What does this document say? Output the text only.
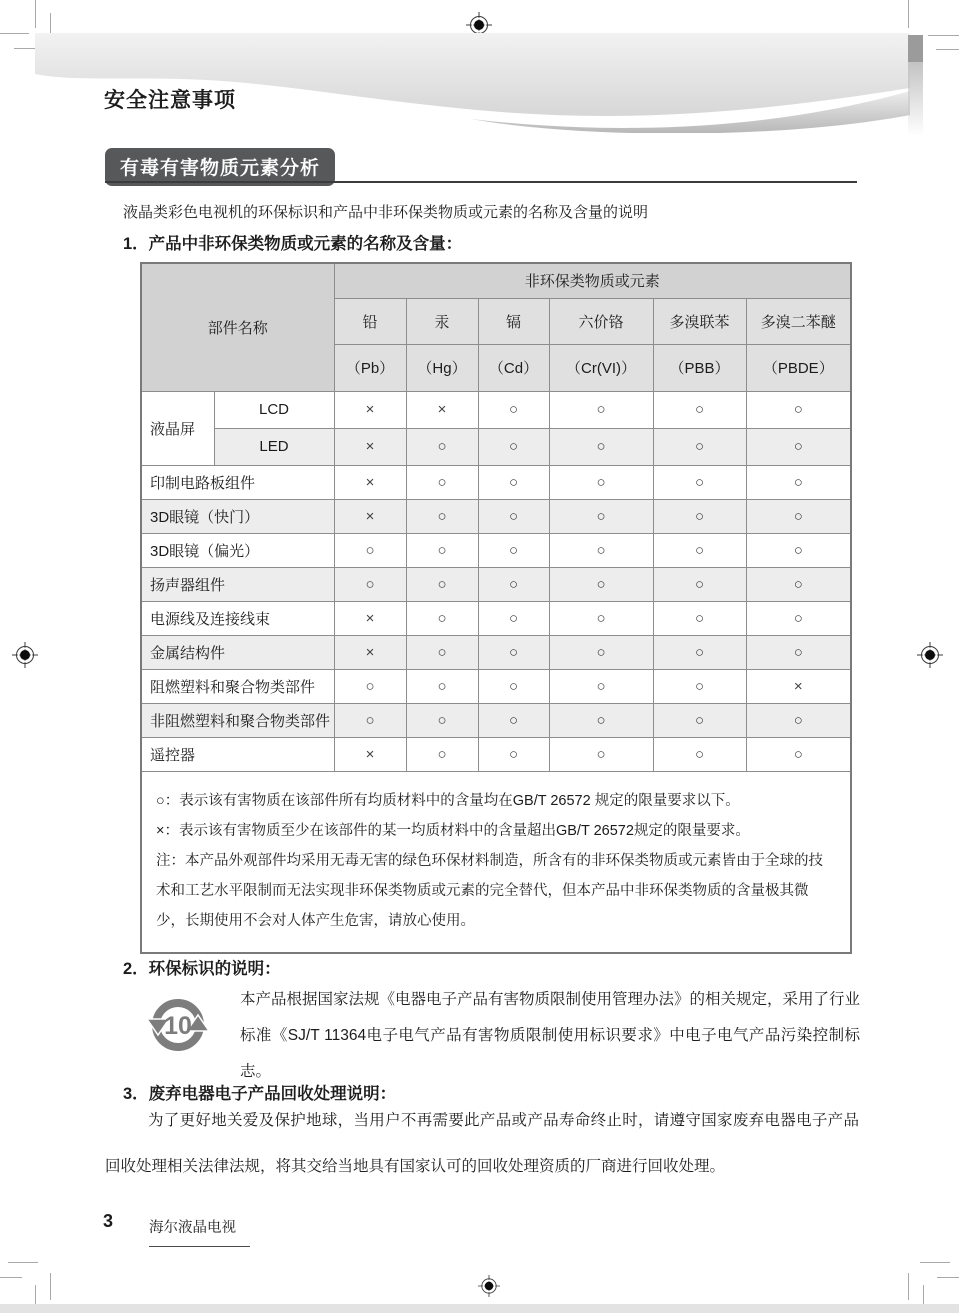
安全注意事项
有毒有害物质元素分析
液晶类彩色电视机的环保标识和产品中非环保类物质或元素的名称及含量的说明
1．产品中非环保类物质或元素的名称及含量：
部件名称		非环保类物质或元素					
		铅	汞	镉	六价铬	多溴联苯	多溴二苯醚
		（Pb）	（Hg）	（Cd）	（Cr(VI)）	（PBB）	（PBDE）
液晶屏	LCD	×	×	○	○	○	○
	LED	×	○	○	○	○	○
印制电路板组件		×	○	○	○	○	○
3D眼镜（快门）		×	○	○	○	○	○
3D眼镜（偏光）		○	○	○	○	○	○
扬声器组件		○	○	○	○	○	○
电源线及连接线束		×	○	○	○	○	○
金属结构件		×	○	○	○	○	○
阻燃塑料和聚合物类部件		○	○	○	○	○	×
非阻燃塑料和聚合物类部件		○	○	○	○	○	○
遥控器		×	○	○	○	○	○

○：表示该有害物质在该部件所有均质材料中的含量均在GB/T 26572 规定的限量要求以下。

×：表示该有害物质至少在该部件的某一均质材料中的含量超出GB/T 26572规定的限量要求。

注：本产品外观部件均采用无毒无害的绿色环保材料制造，所含有的非环保类物质或元素皆由于全球的技术和工艺水平限制而无法实现非环保类物质或元素的完全替代，但本产品中非环保类物质的含量极其微少，长期使用不会对人体产生危害，请放心使用。							

2．环保标识的说明：
10
本产品根据国家法规《电器电子产品有害物质限制使用管理办法》的相关规定，采用了行业标准《SJ/T 11364电子电气产品有害物质限制使用标识要求》中电子电气产品污染控制标志。
3．废弃电器电子产品回收处理说明：
为了更好地关爱及保护地球，当用户不再需要此产品或产品寿命终止时，请遵守国家废弃电器电子产品回收处理相关法律法规，将其交给当地具有国家认可的回收处理资质的厂商进行回收处理。
3 海尔液晶电视
